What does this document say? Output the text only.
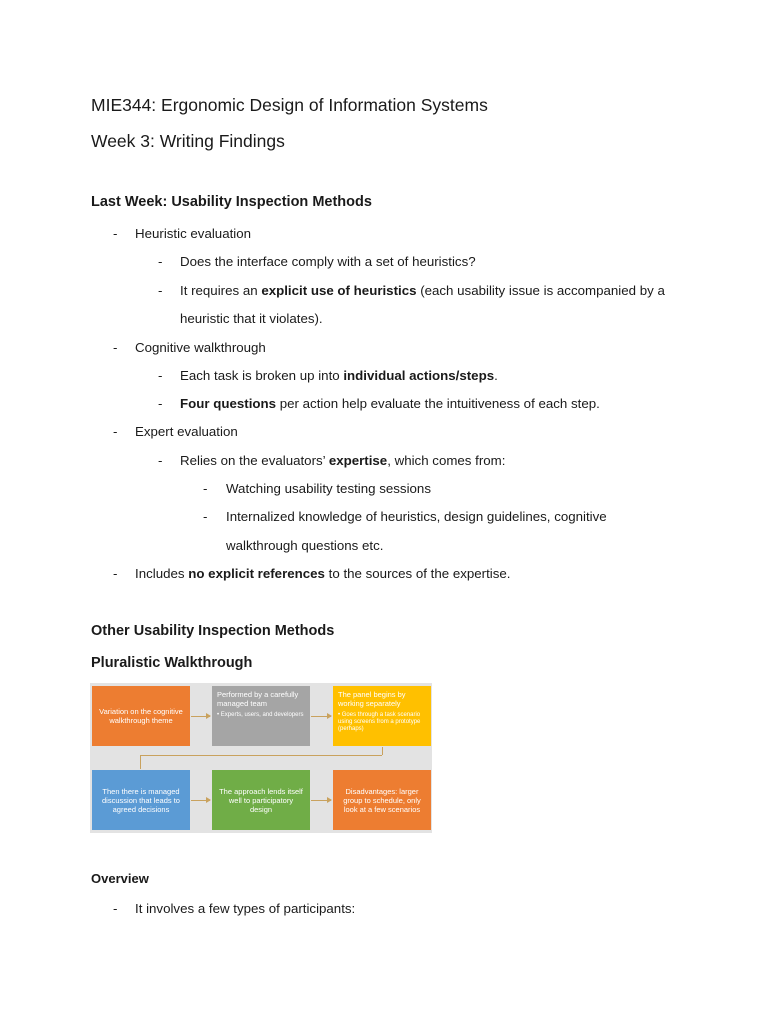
MIE344: Ergonomic Design of Information Systems
Week 3: Writing Findings
Last Week: Usability Inspection Methods
- Heuristic evaluation
- Does the interface comply with a set of heuristics?
- It requires an explicit use of heuristics (each usability issue is accompanied by a
heuristic that it violates).
- Cognitive walkthrough
- Each task is broken up into individual actions/steps.
- Four questions per action help evaluate the intuitiveness of each step.
- Expert evaluation
- Relies on the evaluators’ expertise, which comes from:
- Watching usability testing sessions
- Internalized knowledge of heuristics, design guidelines, cognitive
walkthrough questions etc.
- Includes no explicit references to the sources of the expertise.
Other Usability Inspection Methods
Pluralistic Walkthrough
Variation on the cognitive walkthrough theme
Performed by a carefully managed team
• Experts, users, and developers
The panel begins by working separately
• Goes through a task scenario using screens from a prototype (perhaps)
Then there is managed discussion that leads to agreed decisions
The approach lends itself well to participatory design
Disadvantages: larger group to schedule, only look at a few scenarios
Overview
- It involves a few types of participants:
